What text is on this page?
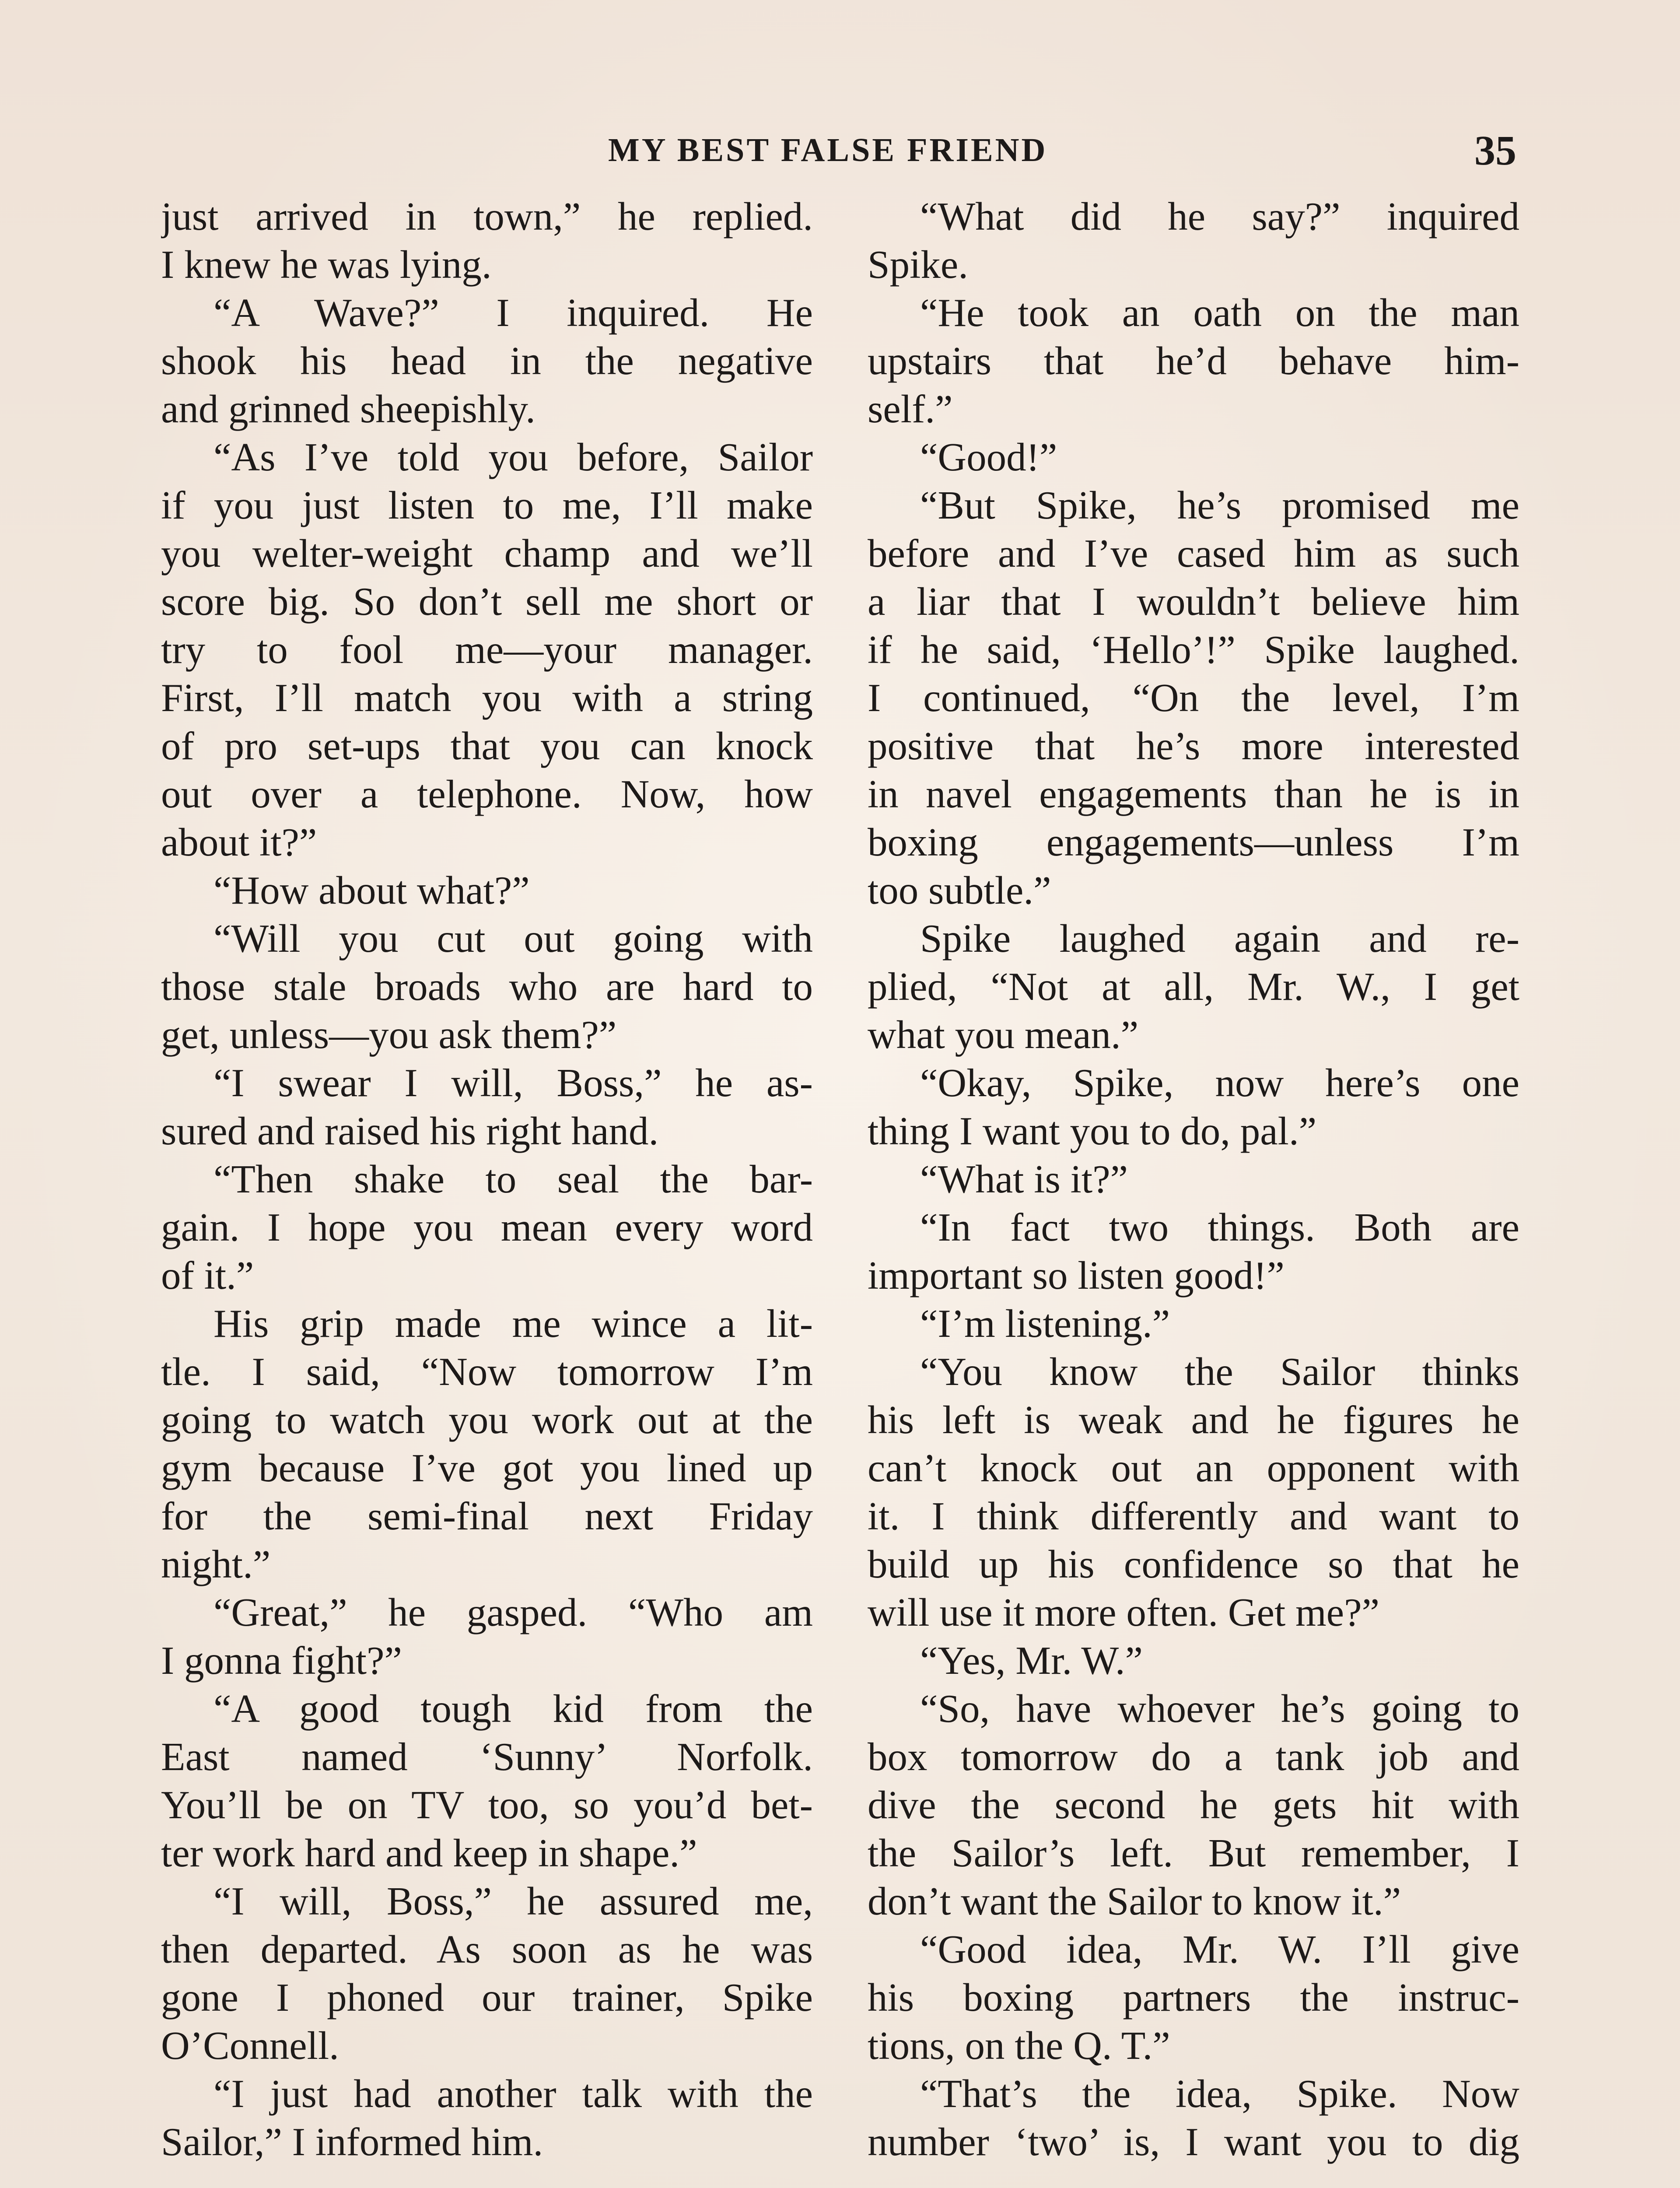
MY BEST FALSE FRIEND	35
just arrived in town,” he replied.
I knew he was lying.
“A Wave?” I inquired. He
shook his head in the negative
and grinned sheepishly.
“As I’ve told you before, Sailor
if you just listen to me, I’ll make
you welter-weight champ and we’ll
score big. So don’t sell me short or
try to fool me—your manager.
First, I’ll match you with a string
of pro set-ups that you can knock
out over a telephone. Now, how
about it?”
“How about what?”
“Will you cut out going with
those stale broads who are hard to
get, unless—you ask them?”
“I swear I will, Boss,” he as-
sured and raised his right hand.
“Then shake to seal the bar-
gain. I hope you mean every word
of it.”
His grip made me wince a lit-
tle. I said, “Now tomorrow I’m
going to watch you work out at the
gym because I’ve got you lined up
for the semi-final next Friday
night.”
“Great,” he gasped. “Who am
I gonna fight?”
“A good tough kid from the
East named ‘Sunny’ Norfolk.
You’ll be on TV too, so you’d bet-
ter work hard and keep in shape.”
“I will, Boss,” he assured me,
then departed. As soon as he was
gone I phoned our trainer, Spike
O’Connell.
“I just had another talk with the
Sailor,” I informed him.
“What did he say?” inquired
Spike.
“He took an oath on the man
upstairs that he’d behave him-
self.”
“Good!”
“But Spike, he’s promised me
before and I’ve cased him as such
a liar that I wouldn’t believe him
if he said, ‘Hello’!” Spike laughed.
I continued, “On the level, I’m
positive that he’s more interested
in navel engagements than he is in
boxing engagements—unless I’m
too subtle.”
Spike laughed again and re-
plied, “Not at all, Mr. W., I get
what you mean.”
“Okay, Spike, now here’s one
thing I want you to do, pal.”
“What is it?”
“In fact two things. Both are
important so listen good!”
“I’m listening.”
“You know the Sailor thinks
his left is weak and he figures he
can’t knock out an opponent with
it. I think differently and want to
build up his confidence so that he
will use it more often. Get me?”
“Yes, Mr. W.”
“So, have whoever he’s going to
box tomorrow do a tank job and
dive the second he gets hit with
the Sailor’s left. But remember, I
don’t want the Sailor to know it.”
“Good idea, Mr. W. I’ll give
his boxing partners the instruc-
tions, on the Q. T.”
“That’s the idea, Spike. Now
number ‘two’ is, I want you to dig
